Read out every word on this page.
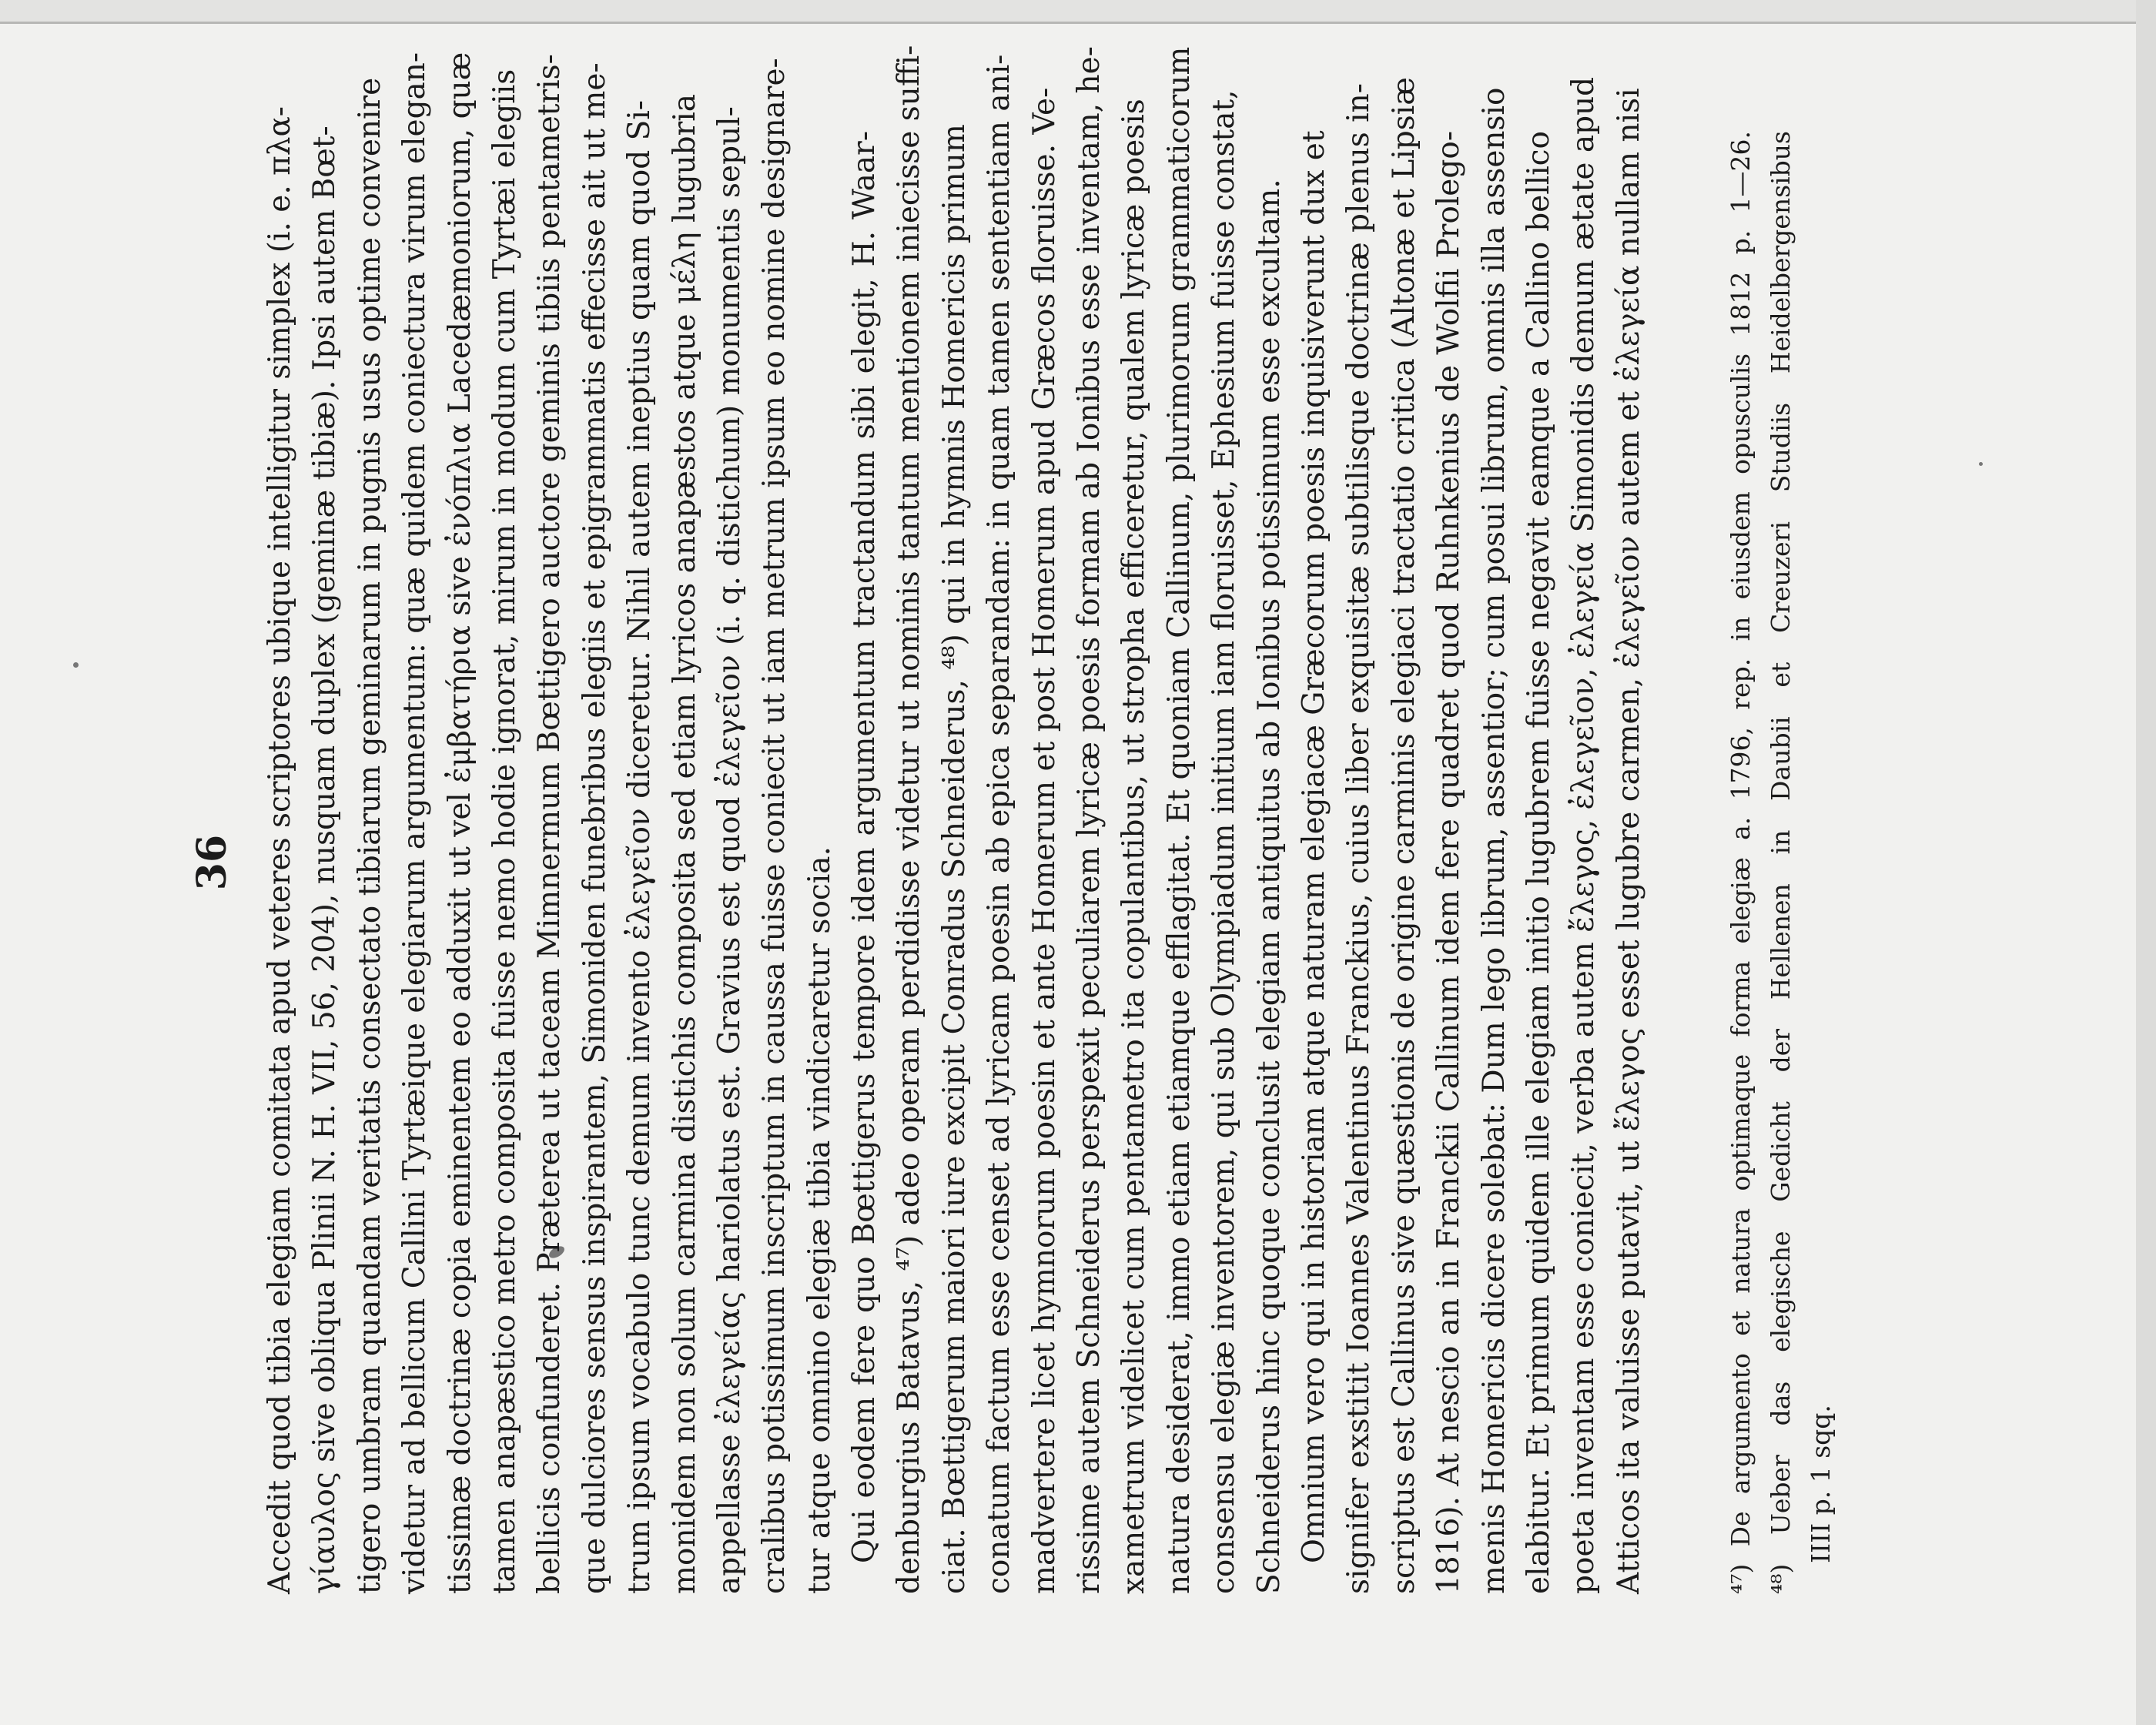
36 Accedit quod tibia elegiam comitata apud veteres scriptores ubique intelligitur simplex (i. e. πλα- γίαυλος sive obliqua Plinii N. H. VII, 56, 204), nusquam duplex (geminæ tibiæ). Ipsi autem Bœt- tigero umbram quandam veritatis consectato tibiarum geminarum in pugnis usus optime convenire videtur ad bellicum Callini Tyrtæique elegiarum argumentum: quæ quidem coniectura virum elegan- tissimæ doctrinæ copia eminentem eo adduxit ut vel ἐμβατήρια sive ἐνόπλια Lacedæmoniorum, quæ tamen anapæstico metro composita fuisse nemo hodie ignorat, mirum in modum cum Tyrtæi elegiis bellicis confunderet. Præterea ut taceam Mimnermum Bœttigero auctore geminis tibiis pentametris- que dulciores sensus inspirantem, Simoniden funebribus elegiis et epigrammatis effecisse ait ut me- trum ipsum vocabulo tunc demum invento ἐλεγεῖον diceretur. Nihil autem ineptius quam quod Si- monidem non solum carmina distichis composita sed etiam lyricos anapæstos atque μέλη lugubria appellasse ἐλεγείας hariolatus est. Gravius est quod ἐλεγεῖον (i. q. distichum) monumentis sepul- cralibus potissimum inscriptum in caussa fuisse coniecit ut iam metrum ipsum eo nomine designare- tur atque omnino elegiæ tibia vindicaretur socia. Qui eodem fere quo Bœttigerus tempore idem argumentum tractandum sibi elegit, H. Waar- denburgius Batavus, ⁴⁷) adeo operam perdidisse videtur ut nominis tantum mentionem iniecisse suffi- ciat. Bœttigerum maiori iure excipit Conradus Schneiderus, ⁴⁸) qui in hymnis Homericis primum conatum factum esse censet ad lyricam poesin ab epica separandam: in quam tamen sententiam ani- madvertere licet hymnorum poesin et ante Homerum et post Homerum apud Græcos floruisse. Ve- rissime autem Schneiderus perspexit peculiarem lyricæ poesis formam ab Ionibus esse inventam, he- xametrum videlicet cum pentametro ita copulantibus, ut stropha efficeretur, qualem lyricæ poesis natura desiderat, immo etiam etiamque efflagitat. Et quoniam Callinum, plurimorum grammaticorum consensu elegiæ inventorem, qui sub Olympiadum initium iam floruisset, Ephesium fuisse constat, Schneiderus hinc quoque conclusit elegiam antiquitus ab Ionibus potissimum esse excultam. Omnium vero qui in historiam atque naturam elegiacæ Græcorum poesis inquisiverunt dux et signifer exstitit Ioannes Valentinus Franckius, cuius liber exquisitæ subtilisque doctrinæ plenus in- scriptus est Callinus sive quæstionis de origine carminis elegiaci tractatio critica (Altonæ et Lipsiæ 1816). At nescio an in Franckii Callinum idem fere quadret quod Ruhnkenius de Wolfii Prolego- menis Homericis dicere solebat: Dum lego librum, assentior; cum posui librum, omnis illa assensio elabitur. Et primum quidem ille elegiam initio lugubrem fuisse negavit eamque a Callino bellico poeta inventam esse coniecit, verba autem ἔλεγος, ἐλεγεῖον, ἐλεγεία Simonidis demum ætate apud Atticos ita valuisse putavit, ut ἔλεγος esset lugubre carmen, ἐλεγεῖον autem et ἐλεγεία nullam nisi	⁴⁷) De argumento et natura optimaque forma elegiæ a. 1796, rep. in eiusdem opusculis 1812 p. 1—26. ⁴⁸) Ueber das elegische Gedicht der Hellenen in Daubii et Creuzeri Studiis Heidelbergensibus IIII p. 1 sqq.
